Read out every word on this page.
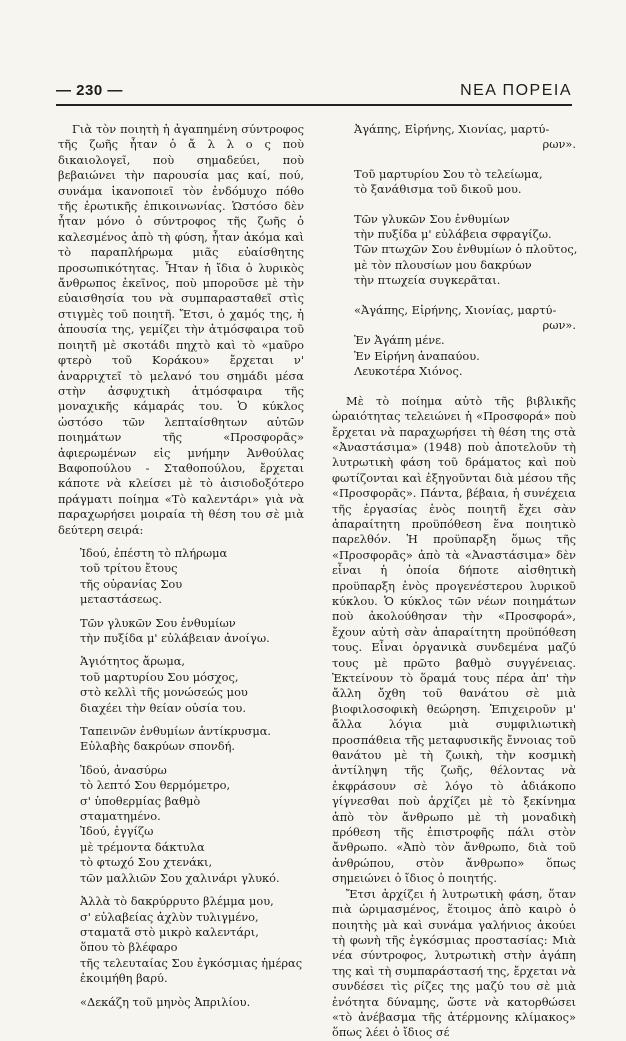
— 230 —	ΝΕΑ ΠΟΡΕΙΑ

Γιὰ τὸν ποιητὴ ἡ ἀγαπημένη σύντροφος τῆς ζωῆς ἦταν ὁ ἄ λ λ ο ς ποὺ δικαιολογεῖ, ποὺ σημαδεύει, ποὺ βεβαιώνει τὴν παρουσία μας καί, πού, συνάμα ἱκανοποιεῖ τὸν ἐνδόμυχο πόθο τῆς ἐρωτικῆς ἐπικοινωνίας. Ὡστόσο δὲν ἦταν μόνο ὁ σύντροφος τῆς ζωῆς ὁ καλεσμένος ἀπὸ τὴ φύση, ἦταν ἀκόμα καὶ τὸ παραπλήρωμα μιᾶς εὐαίσθητης προσωπικότητας. Ἦταν ἡ ἴδια ὁ λυρικὸς ἄνθρωπος ἐκεῖνος, ποὺ μποροῦσε μὲ τὴν εὐαισθησία του νὰ συμπαρασταθεῖ στὶς στιγμὲς τοῦ ποιητῆ. Ἔτσι, ὁ χαμός της, ἡ ἀπουσία της, γεμίζει τὴν ἀτμόσφαιρα τοῦ ποιητῆ μὲ σκοτάδι πηχτὸ καὶ τὸ «μαῦρο φτερὸ τοῦ Κοράκου» ἔρχεται ν' ἀναρριχτεῖ τὸ μελανό του σημάδι μέσα στὴν ἀσφυχτικὴ ἀτμόσφαιρα τῆς μοναχικῆς κάμαράς του. Ὁ κύκλος ὡστόσο τῶν λεπταίσθητων αὐτῶν ποιημάτων τῆς «Προσφορᾶς» ἀφιερωμένων εἰς μνήμην Ἀνθούλας Βαφοπούλου - Σταθοπούλου, ἔρχεται κάποτε νὰ κλείσει μὲ τὸ ἀισιοδοξότερο πράγματι ποίημα «Τὸ καλεντάρι» γιὰ νὰ παραχωρήσει μοιραία τὴ θέση του σὲ μιὰ δεύτερη σειρά:

Ἰδού, ἐπέστη τὸ πλήρωμα
τοῦ τρίτου ἔτους
τῆς οὐρανίας Σου
μεταστάσεως.
Τῶν γλυκῶν Σου ἐνθυμίων
τὴν πυξίδα μ' εὐλάβειαν ἀνοίγω.
Ἁγιότητος ἄρωμα,
τοῦ μαρτυρίου Σου μόσχος,
στὸ κελλὶ τῆς μονώσεώς μου
διαχέει τὴν θείαν οὐσία του.
Ταπεινῶν ἐνθυμίων ἀντίκρυσμα.
Εὐλαβὴς δακρύων σπονδή.
Ἰδού, ἀνασύρω
τὸ λεπτό Σου θερμόμετρο,
σ' ὑποθερμίας βαθμὸ
σταματημένο.
Ἰδού, ἐγγίζω
μὲ τρέμοντα δάκτυλα
τὸ φτωχό Σου χτενάκι,
τῶν μαλλιῶν Σου χαλινάρι γλυκό.
Ἀλλὰ τὸ δακρύρρυτο βλέμμα μου,
σ' εὐλαβείας ἀχλὺν τυλιγμένο,
σταματᾶ στὸ μικρὸ καλεντάρι,
ὅπου τὸ βλέφαρο
τῆς τελευταίας Σου ἐγκόσμιας ἡμέρας
ἐκοιμήθη βαρύ.
«Δεκάζη τοῦ μηνὸς Ἀπριλίου.
Ἀγάπης, Εἰρήνης, Χιονίας, μαρτύ-
ρων».
Τοῦ μαρτυρίου Σου τὸ τελείωμα,
τὸ ξανάθισμα τοῦ δικοῦ μου.
Τῶν γλυκῶν Σου ἐνθυμίων
τὴν πυξίδα μ' εὐλάβεια σφραγίζω.
Τῶν πτωχῶν Σου ἐνθυμίων ὁ πλοῦτος,
μὲ τὸν πλουσίων μου δακρύων
τὴν πτωχεία συγκερᾶται.
«Ἀγάπης, Εἰρήνης, Χιονίας, μαρτύ-
ρων».
Ἐν Ἀγάπη μένε.
Ἐν Εἰρήνη ἀναπαύου.
Λευκοτέρα Χιόνος.

Μὲ τὸ ποίημα αὐτὸ τῆς βιβλικῆς ὡραιότητας τελειώνει ἡ «Προσφορά» ποὺ ἔρχεται νὰ παραχωρήσει τὴ θέση της στὰ «Ἀναστάσιμα» (1948) ποὺ ἀποτελοῦν τὴ λυτρωτικὴ φάση τοῦ δράματος καὶ ποὺ φωτίζονται καὶ ἐξηγοῦνται διὰ μέσου τῆς «Προσφορᾶς». Πάντα, βέβαια, ἡ συνέχεια τῆς ἐργασίας ἑνὸς ποιητῆ ἔχει σὰν ἀπαραίτητη προϋπόθεση ἕνα ποιητικὸ παρελθόν. Ἡ προϋπαρξη ὅμως τῆς «Προσφορᾶς» ἀπὸ τὰ «Ἀναστάσιμα» δὲν εἶναι ἡ ὁποία δήποτε αἰσθητικὴ προϋπαρξη ἑνὸς προγενέστερου λυρικοῦ κύκλου. Ὁ κύκλος τῶν νέων ποιημάτων ποὺ ἀκολούθησαν τὴν «Προσφορά», ἔχουν αὐτὴ σὰν ἀπαραίτητη προϋπόθεση τους. Εἶναι ὀργανικὰ συνδεμένα μαζύ τους μὲ πρῶτο βαθμὸ συγγένειας. Ἐκτείνουν τὸ ὅραμά τους πέρα ἀπ' τὴν ἄλλη ὄχθη τοῦ θανάτου σὲ μιὰ βιοφιλοσοφικὴ θεώρηση. Ἐπιχειροῦν μ' ἄλλα λόγια μιὰ συμφιλιωτικὴ προσπάθεια τῆς μεταφυσικῆς ἔννοιας τοῦ θανάτου μὲ τὴ ζωικὴ, τὴν κοσμικὴ ἀντίληψη τῆς ζωῆς, θέλοντας νὰ ἐκφράσουν σὲ λόγο τὸ ἀδιάκοπο γίγνεσθαι ποὺ ἀρχίζει μὲ τὸ ξεκίνημα ἀπὸ τὸν ἄνθρωπο μὲ τὴ μοναδικὴ πρόθεση τῆς ἐπιστροφῆς πάλι στὸν ἄνθρωπο. «Ἀπὸ τὸν ἄνθρωπο, διὰ τοῦ ἀνθρώπου, στὸν ἄνθρωπο» ὅπως σημειώνει ὁ ἴδιος ὁ ποιητής.

Ἔτσι ἀρχίζει ἡ λυτρωτικὴ φάση, ὅταν πιὰ ὡριμασμένος, ἕτοιμος ἀπὸ καιρὸ ὁ ποιητὴς μὰ καὶ συνάμα γαλήνιος ἀκούει τὴ φωνὴ τῆς ἐγκόσμιας προστασίας: Μιὰ νέα σύντροφος, λυτρωτικὴ στὴν ἀγάπη της καὶ τὴ συμπαράστασή της, ἔρχεται νὰ συνδέσει τὶς ρίζες της μαζύ του σὲ μιὰ ἑνότητα δύναμης, ὥστε νὰ κατορθώσει «τὸ ἀνέβασμα τῆς ἀτέρμονης κλίμακος» ὅπως λέει ὁ ἴδιος σέ
